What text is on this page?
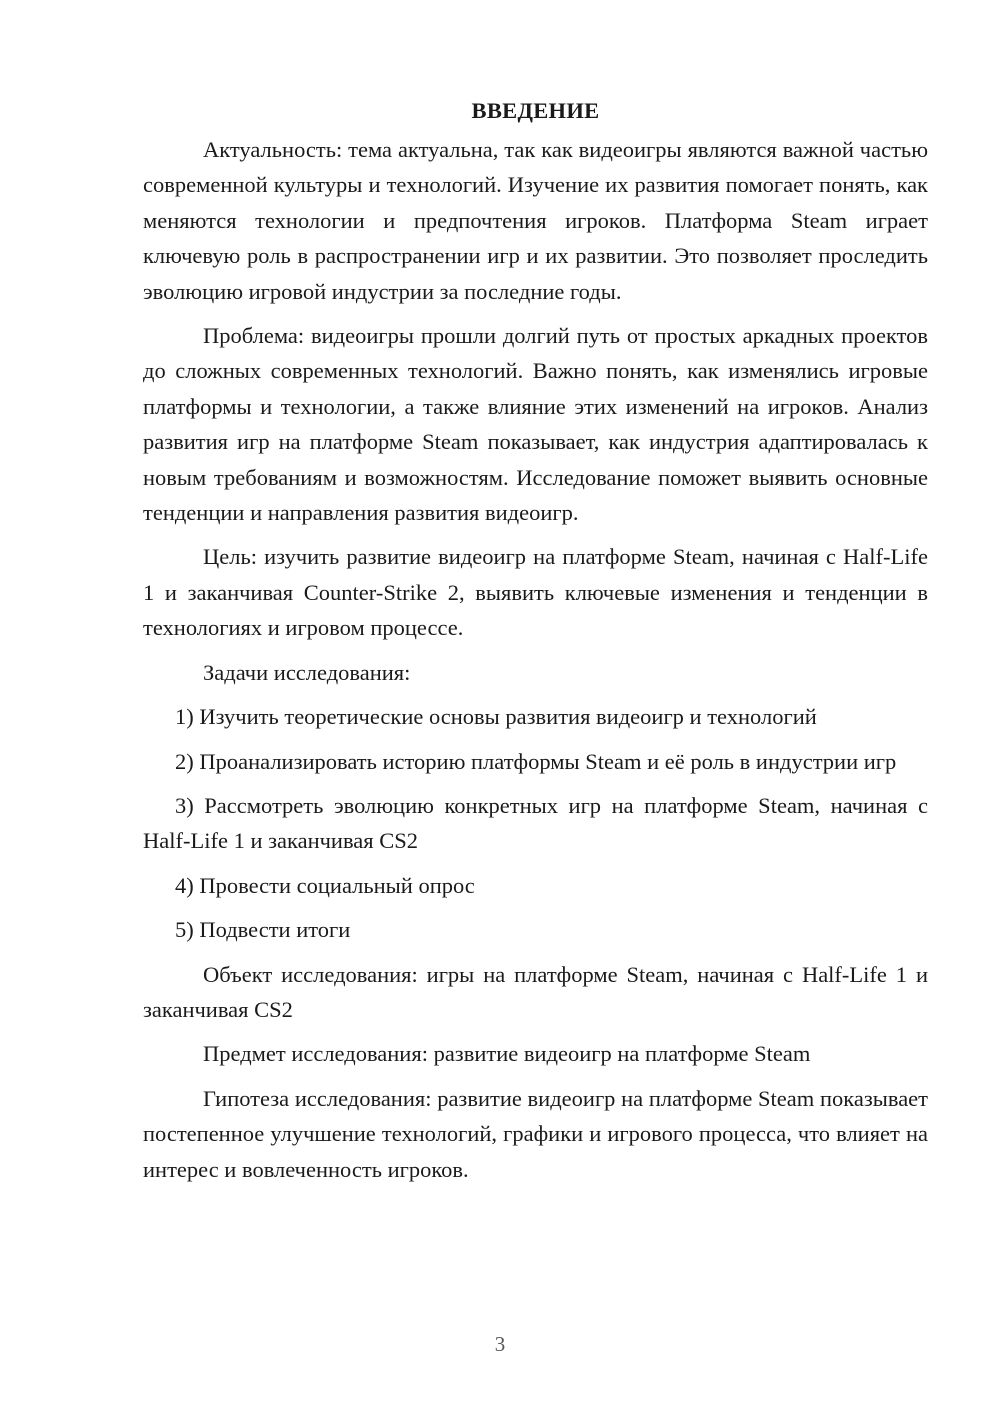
ВВЕДЕНИЕ

Актуальность: тема актуальна, так как видеоигры являются важной частью современной культуры и технологий. Изучение их развития помогает понять, как меняются технологии и предпочтения игроков. Платформа Steam играет ключевую роль в распространении игр и их развитии. Это позволяет проследить эволюцию игровой индустрии за последние годы.

Проблема: видеоигры прошли долгий путь от простых аркадных проектов до сложных современных технологий. Важно понять, как изменялись игровые платформы и технологии, а также влияние этих изменений на игроков. Анализ развития игр на платформе Steam показывает, как индустрия адаптировалась к новым требованиям и возможностям. Исследование поможет выявить основные тенденции и направления развития видеоигр.

Цель: изучить развитие видеоигр на платформе Steam, начиная с Half-Life 1 и заканчивая Counter-Strike 2, выявить ключевые изменения и тенденции в технологиях и игровом процессе.

Задачи исследования:

1) Изучить теоретические основы развития видеоигр и технологий

2) Проанализировать историю платформы Steam и её роль в индустрии игр

3) Рассмотреть эволюцию конкретных игр на платформе Steam, начиная с Half-Life 1 и заканчивая CS2

4) Провести социальный опрос

5) Подвести итоги

Объект исследования: игры на платформе Steam, начиная с Half-Life 1 и заканчивая CS2

Предмет исследования: развитие видеоигр на платформе Steam

Гипотеза исследования: развитие видеоигр на платформе Steam показывает постепенное улучшение технологий, графики и игрового процесса, что влияет на интерес и вовлеченность игроков.

3
